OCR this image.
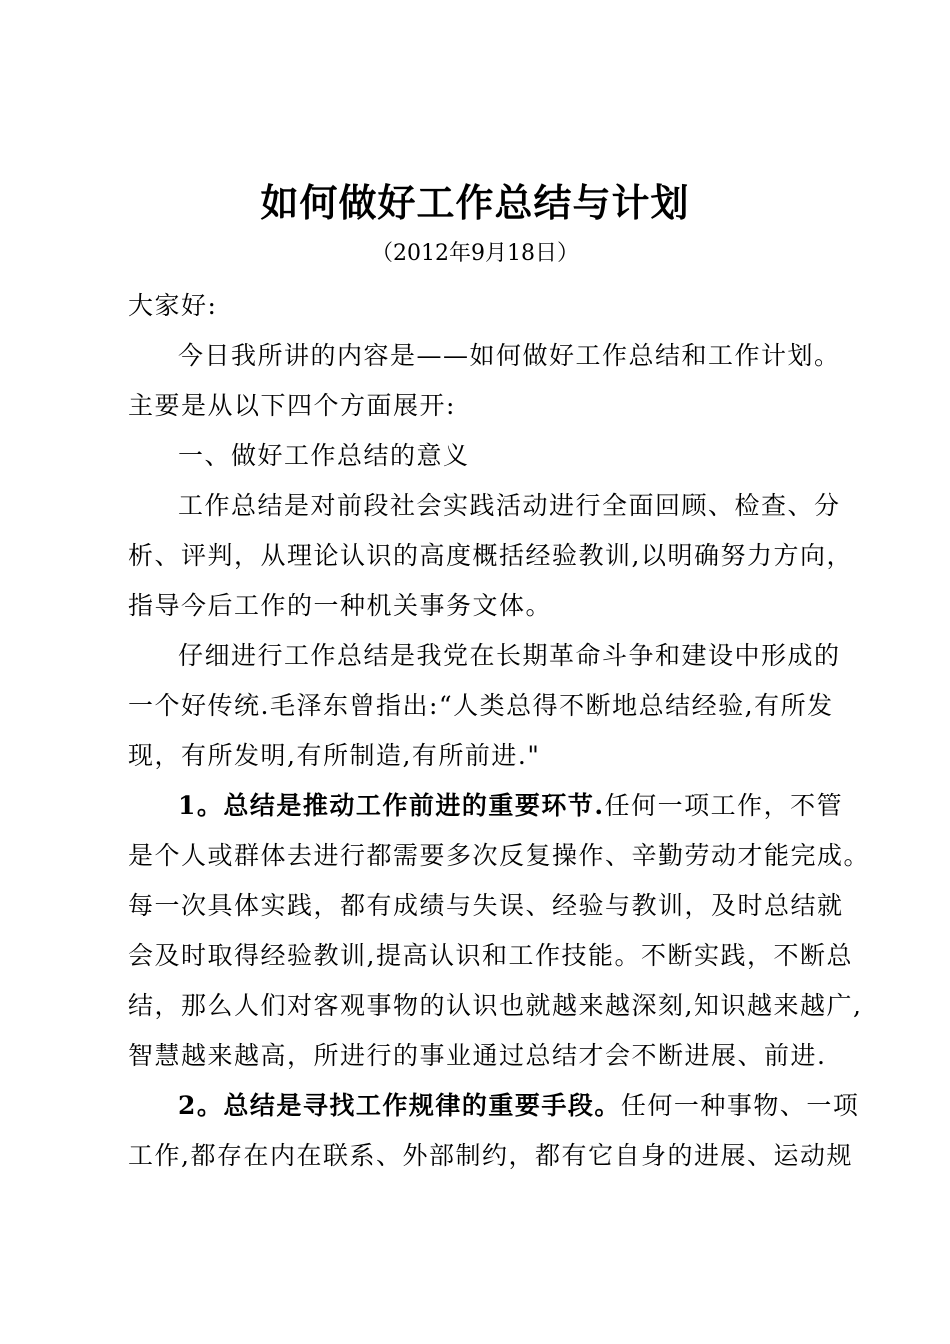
如何做好工作总结与计划
（2012年9月18日）
大家好:
今日我所讲的内容是——如何做好工作总结和工作计划。
主要是从以下四个方面展开:
一、做好工作总结的意义
工作总结是对前段社会实践活动进行全面回顾、检查、分
析、评判，从理论认识的高度概括经验教训,以明确努力方向，
指导今后工作的一种机关事务文体。
仔细进行工作总结是我党在长期革命斗争和建设中形成的
一个好传统.毛泽东曾指出:“人类总得不断地总结经验,有所发
现，有所发明,有所制造,有所前进."
1。总结是推动工作前进的重要环节.任何一项工作，不管
是个人或群体去进行都需要多次反复操作、辛勤劳动才能完成。
每一次具体实践，都有成绩与失误、经验与教训，及时总结就
会及时取得经验教训,提高认识和工作技能。不断实践，不断总
结，那么人们对客观事物的认识也就越来越深刻,知识越来越广,
智慧越来越高，所进行的事业通过总结才会不断进展、前进.
2。总结是寻找工作规律的重要手段。任何一种事物、一项
工作,都存在内在联系、外部制约，都有它自身的进展、运动规
